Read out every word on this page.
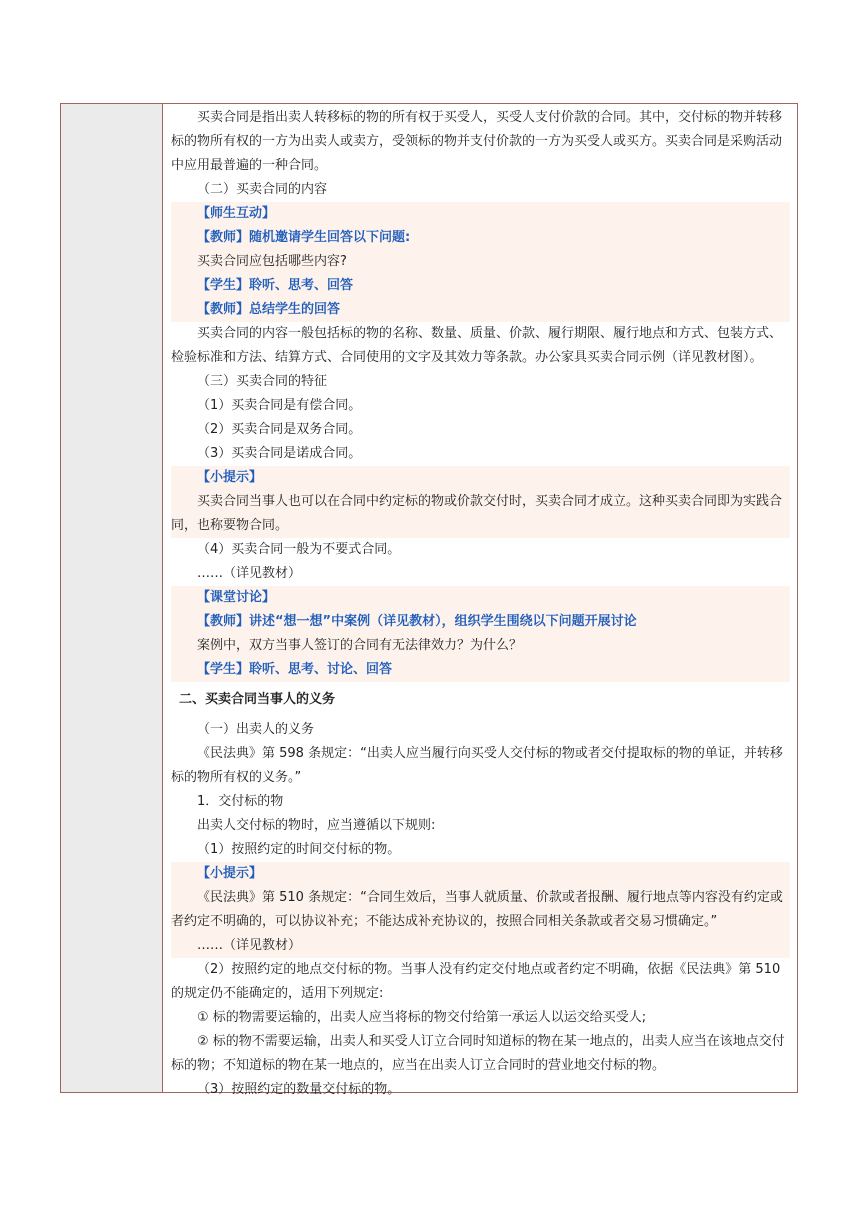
买卖合同是指出卖人转移标的物的所有权于买受人，买受人支付价款的合同。其中，交付标的物并转移标的物所有权的一方为出卖人或卖方，受领标的物并支付价款的一方为买受人或买方。买卖合同是采购活动中应用最普遍的一种合同。

（二）买卖合同的内容

【师生互动】

【教师】随机邀请学生回答以下问题:

买卖合同应包括哪些内容?

【学生】聆听、思考、回答

【教师】总结学生的回答

买卖合同的内容一般包括标的物的名称、数量、质量、价款、履行期限、履行地点和方式、包装方式、检验标准和方法、结算方式、合同使用的文字及其效力等条款。办公家具买卖合同示例（详见教材图）。

（三）买卖合同的特征

（1）买卖合同是有偿合同。

（2）买卖合同是双务合同。

（3）买卖合同是诺成合同。

【小提示】

买卖合同当事人也可以在合同中约定标的物或价款交付时，买卖合同才成立。这种买卖合同即为实践合同，也称要物合同。

（4）买卖合同一般为不要式合同。

……（详见教材）

【课堂讨论】

【教师】讲述“想一想”中案例（详见教材），组织学生围绕以下问题开展讨论

案例中，双方当事人签订的合同有无法律效力？为什么？

【学生】聆听、思考、讨论、回答

二、买卖合同当事人的义务

（一）出卖人的义务

《民法典》第 598 条规定：“出卖人应当履行向买受人交付标的物或者交付提取标的物的单证，并转移标的物所有权的义务。”

1．交付标的物

出卖人交付标的物时，应当遵循以下规则:

（1）按照约定的时间交付标的物。

【小提示】

《民法典》第 510 条规定：“合同生效后，当事人就质量、价款或者报酬、履行地点等内容没有约定或者约定不明确的，可以协议补充；不能达成补充协议的，按照合同相关条款或者交易习惯确定。”

……（详见教材）

（2）按照约定的地点交付标的物。当事人没有约定交付地点或者约定不明确，依据《民法典》第 510 的规定仍不能确定的，适用下列规定:

① 标的物需要运输的，出卖人应当将标的物交付给第一承运人以运交给买受人;

② 标的物不需要运输，出卖人和买受人订立合同时知道标的物在某一地点的，出卖人应当在该地点交付标的物；不知道标的物在某一地点的，应当在出卖人订立合同时的营业地交付标的物。

（3）按照约定的数量交付标的物。
